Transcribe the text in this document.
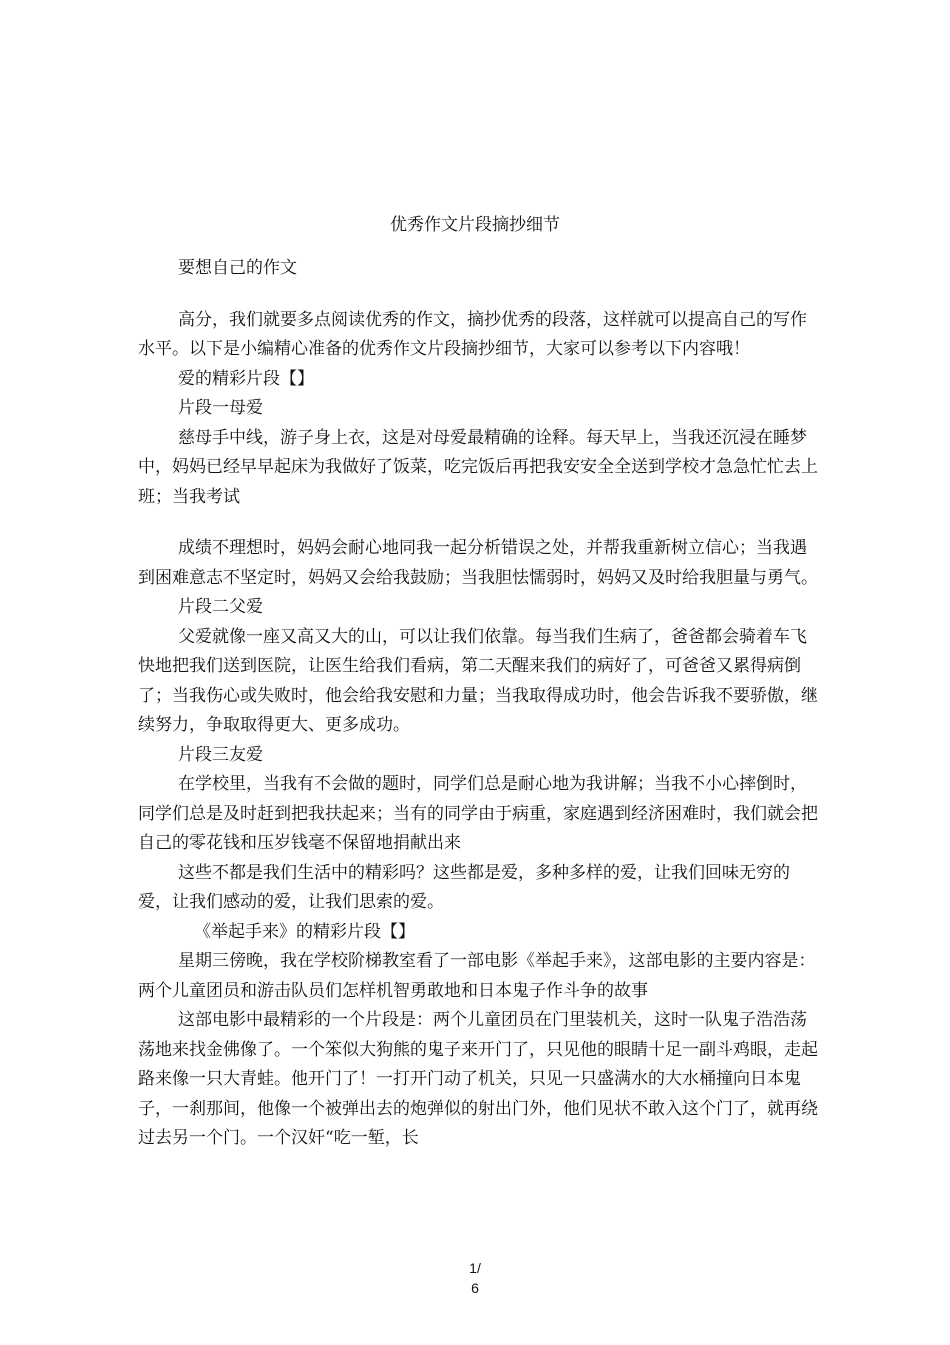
优秀作文片段摘抄细节

要想自己的作文

高分，我们就要多点阅读优秀的作文，摘抄优秀的段落，这样就可以提高自己的写作水平。以下是小编精心准备的优秀作文片段摘抄细节，大家可以参考以下内容哦！

爱的精彩片段【】

片段一母爱

慈母手中线，游子身上衣，这是对母爱最精确的诠释。每天早上，当我还沉浸在睡梦中，妈妈已经早早起床为我做好了饭菜，吃完饭后再把我安安全全送到学校才急急忙忙去上班；当我考试

成绩不理想时，妈妈会耐心地同我一起分析错误之处，并帮我重新树立信心；当我遇到困难意志不坚定时，妈妈又会给我鼓励；当我胆怯懦弱时，妈妈又及时给我胆量与勇气。

片段二父爱

父爱就像一座又高又大的山，可以让我们依靠。每当我们生病了，爸爸都会骑着车飞快地把我们送到医院，让医生给我们看病，第二天醒来我们的病好了，可爸爸又累得病倒了；当我伤心或失败时，他会给我安慰和力量；当我取得成功时，他会告诉我不要骄傲，继续努力，争取取得更大、更多成功。

片段三友爱

在学校里，当我有不会做的题时，同学们总是耐心地为我讲解；当我不小心摔倒时，同学们总是及时赶到把我扶起来；当有的同学由于病重，家庭遇到经济困难时，我们就会把自己的零花钱和压岁钱毫不保留地捐献出来

这些不都是我们生活中的精彩吗？这些都是爱，多种多样的爱，让我们回味无穷的爱，让我们感动的爱，让我们思索的爱。

《举起手来》的精彩片段【】

星期三傍晚，我在学校阶梯教室看了一部电影《举起手来》，这部电影的主要内容是：两个儿童团员和游击队员们怎样机智勇敢地和日本鬼子作斗争的故事

这部电影中最精彩的一个片段是：两个儿童团员在门里装机关，这时一队鬼子浩浩荡荡地来找金佛像了。一个笨似大狗熊的鬼子来开门了，只见他的眼睛十足一副斗鸡眼，走起路来像一只大青蛙。他开门了！一打开门动了机关，只见一只盛满水的大水桶撞向日本鬼子，一刹那间，他像一个被弹出去的炮弹似的射出门外，他们见状不敢入这个门了，就再绕过去另一个门。一个汉奸“吃一堑，长

1/
6
